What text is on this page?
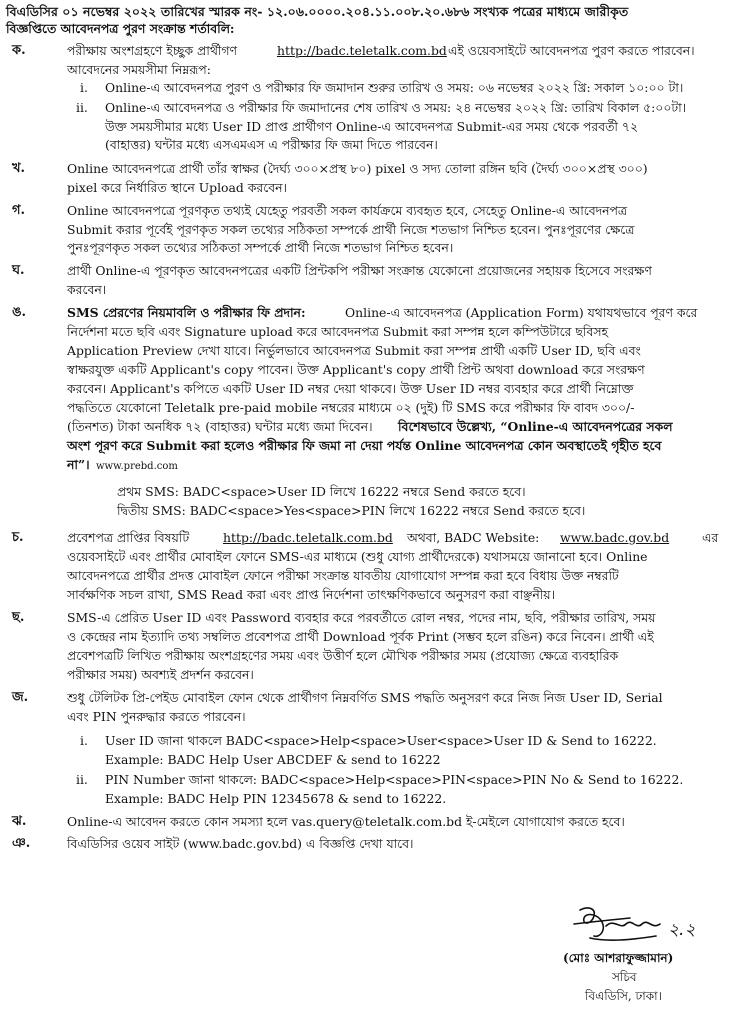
বিএডিসির ০১ নভেম্বর ২০২২ তারিখের স্মারক নং- ১২.০৬.০০০০.২০৪.১১.০০৮.২০.৬৮৬ সংখ্যক পত্রের মাধ্যমে জারীকৃত
বিজ্ঞপ্তিতে আবেদনপত্র পুরণ সংক্রান্ত শর্তাবলি:
ক.	পরীক্ষায় অংশগ্রহণে ইচ্ছুক প্রার্থীগণ	http://badc.teletalk.com.bd এই ওয়েবসাইটে আবেদনপত্র পুরণ করতে পারবেন।
আবেদনের সময়সীমা নিম্নরূপ:
i. Online-এ আবেদনপত্র পুরণ ও পরীক্ষার ফি জমাদান শুরুর তারিখ ও সময়: ০৬ নভেম্বর ২০২২ খ্রি: সকাল ১০:০০ টা।
ii. Online-এ আবেদনপত্র ও পরীক্ষার ফি জমাদানের শেষ তারিখ ও সময়: ২৪ নভেম্বর ২০২২ খ্রি: তারিখ বিকাল ৫:০০টা।
উক্ত সময়সীমার মধ্যে User ID প্রাপ্ত প্রার্থীগণ Online-এ আবেদনপত্র Submit-এর সময় থেকে পরবর্তী ৭২
(বাহাত্তর) ঘন্টার মধ্যে এসএমএস এ পরীক্ষার ফি জমা দিতে পারবেন।
খ.	Online আবেদনপত্রে প্রার্থী তাঁর স্বাক্ষর (দৈর্ঘ্য ৩০০×প্রস্থ ৮০) pixel ও সদ্য তোলা রঙ্গিন ছবি (দৈর্ঘ্য ৩০০×প্রস্থ ৩০০)
pixel করে নির্ধারিত স্থানে Upload করবেন।
গ.	Online আবেদনপত্রে পূরণকৃত তথ্যই যেহেতু পরবর্তী সকল কার্যক্রমে ব্যবহৃত হবে, সেহেতু Online-এ আবেদনপত্র
Submit করার পূর্বেই পূরণকৃত সকল তথ্যের সঠিকতা সম্পর্কে প্রার্থী নিজে শতভাগ নিশ্চিত হবেন। পুনঃপূরণের ক্ষেত্রে
পুনঃপূরণকৃত সকল তথ্যের সঠিকতা সম্পর্কে প্রার্থী নিজে শতভাগ নিশ্চিত হবেন।
ঘ.	প্রার্থী Online-এ পূরণকৃত আবেদনপত্রের একটি প্রিন্টকপি পরীক্ষা সংক্রান্ত যেকোনো প্রয়োজনের সহায়ক হিসেবে সংরক্ষণ
করবেন।
ঙ.	SMS প্রেরণের নিয়মাবলি ও পরীক্ষার ফি প্রদান:	Online-এ আবেদনপত্র (Application Form) যথাযথভাবে পূরণ করে
নির্দেশনা মতে ছবি এবং Signature upload করে আবেদনপত্র Submit করা সম্পন্ন হলে কম্পিউটারে ছবিসহ
Application Preview দেখা যাবে। নির্ভুলভাবে আবেদনপত্র Submit করা সম্পন্ন প্রার্থী একটি User ID, ছবি এবং
স্বাক্ষরযুক্ত একটি Applicant's copy পাবেন। উক্ত Applicant's copy প্রার্থী প্রিন্ট অথবা download করে সংরক্ষণ
করবেন। Applicant's কপিতে একটি User ID নম্বর দেয়া থাকবে। উক্ত User ID নম্বর ব্যবহার করে প্রার্থী নিম্নোক্ত
পদ্ধতিতে যেকোনো Teletalk pre-paid mobile নম্বরের মাধ্যমে ০২ (দুই) টি SMS করে পরীক্ষার ফি বাবদ ৩০০/-
(তিনশত) টাকা অনধিক ৭২ (বাহাত্তর) ঘন্টার মধ্যে জমা দিবেন। বিশেষভাবে উল্লেখ্য, “Online-এ আবেদনপত্রের সকল
অংশ পূরণ করে Submit করা হলেও পরীক্ষার ফি জমা না দেয়া পর্যন্ত Online আবেদনপত্র কোন অবস্থাতেই গৃহীত হবে
না”। www.prebd.com
প্রথম SMS: BADC<space>User ID লিখে 16222 নম্বরে Send করতে হবে।
দ্বিতীয় SMS: BADC<space>Yes<space>PIN লিখে 16222 নম্বরে Send করতে হবে।
চ.	প্রবেশপত্র প্রাপ্তির বিষয়টি	http://badc.teletalk.com.bd অথবা, BADC Website: www.badc.gov.bd	এর
ওয়েবসাইটে এবং প্রার্থীর মোবাইল ফোনে SMS-এর মাধ্যমে (শুধু যোগ্য প্রার্থীদেরকে) যথাসময়ে জানানো হবে। Online
আবেদনপত্রে প্রার্থীর প্রদত্ত মোবাইল ফোনে পরীক্ষা সংক্রান্ত যাবতীয় যোগাযোগ সম্পন্ন করা হবে বিধায় উক্ত নম্বরটি
সার্বক্ষণিক সচল রাখা, SMS Read করা এবং প্রাপ্ত নির্দেশনা তাৎক্ষণিকভাবে অনুসরণ করা বাঞ্ছনীয়।
ছ.	SMS-এ প্রেরিত User ID এবং Password ব্যবহার করে পরবর্তীতে রোল নম্বর, পদের নাম, ছবি, পরীক্ষার তারিখ, সময়
ও কেন্দ্রের নাম ইত্যাদি তথ্য সম্বলিত প্রবেশপত্র প্রার্থী Download পূর্বক Print (সম্ভব হলে রঙিন) করে নিবেন। প্রার্থী এই
প্রবেশপত্রটি লিখিত পরীক্ষায় অংশগ্রহণের সময় এবং উত্তীর্ণ হলে মৌখিক পরীক্ষার সময় (প্রযোজ্য ক্ষেত্রে ব্যবহারিক
পরীক্ষার সময়) অবশ্যই প্রদর্শন করবেন।
জ.	শুধু টেলিটক প্রি-পেইড মোবাইল ফোন থেকে প্রার্থীগণ নিম্নবর্ণিত SMS পদ্ধতি অনুসরণ করে নিজ নিজ User ID, Serial
এবং PIN পুনরুদ্ধার করতে পারবেন।
i. User ID জানা থাকলে BADC<space>Help<space>User<space>User ID & Send to 16222.
Example: BADC Help User ABCDEF & send to 16222
ii. PIN Number জানা থাকলে: BADC<space>Help<space>PIN<space>PIN No & Send to 16222.
Example: BADC Help PIN 12345678 & send to 16222.
ঝ.	Online-এ আবেদন করতে কোন সমস্যা হলে vas.query@teletalk.com.bd ই-মেইলে যোগাযোগ করতে হবে।
ঞ.	বিএডিসির ওয়েব সাইট (www.badc.gov.bd) এ বিজ্ঞপ্তি দেখা যাবে।
২.২
(মোঃ আশরাফুজ্জামান)
সচিব
বিএডিসি, ঢাকা।
